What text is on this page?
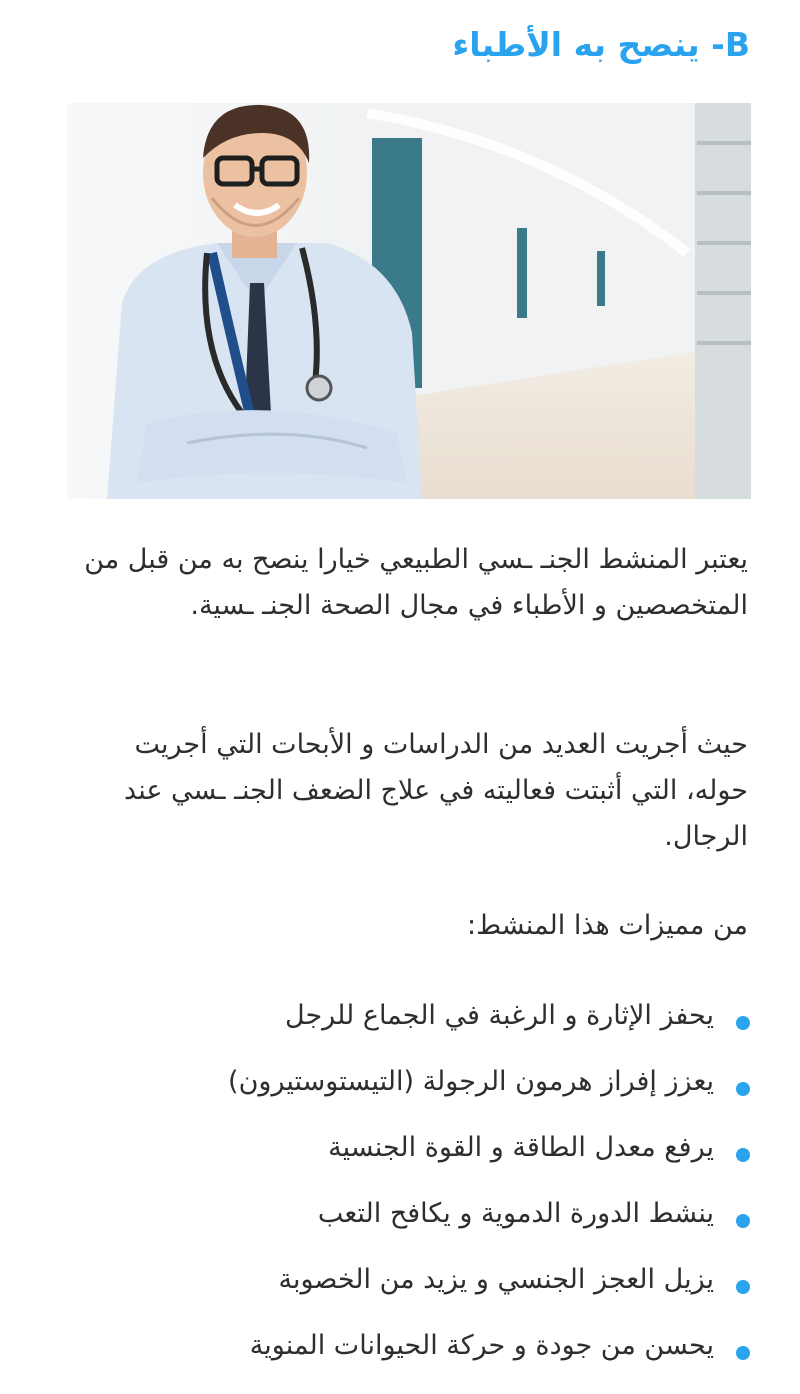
B- ينصح به الأطباء

يعتبر المنشط الجنـ ـسي الطبيعي خيارا ينصح به من قبل من المتخصصين و الأطباء في مجال الصحة الجنـ ـسية.

حيث أجريت العديد من الدراسات و الأبحات التي أجريت حوله، التي أثبتت فعاليته في علاج الضعف الجنـ ـسي عند الرجال.

من مميزات هذا المنشط:

يحفز الإثارة و الرغبة في الجماع للرجل
يعزز إفراز هرمون الرجولة (التيستوستيرون)
يرفع معدل الطاقة و القوة الجنسية
ينشط الدورة الدموية و يكافح التعب
يزيل العجز الجنسي و يزيد من الخصوبة
يحسن من جودة و حركة الحيوانات المنوية
